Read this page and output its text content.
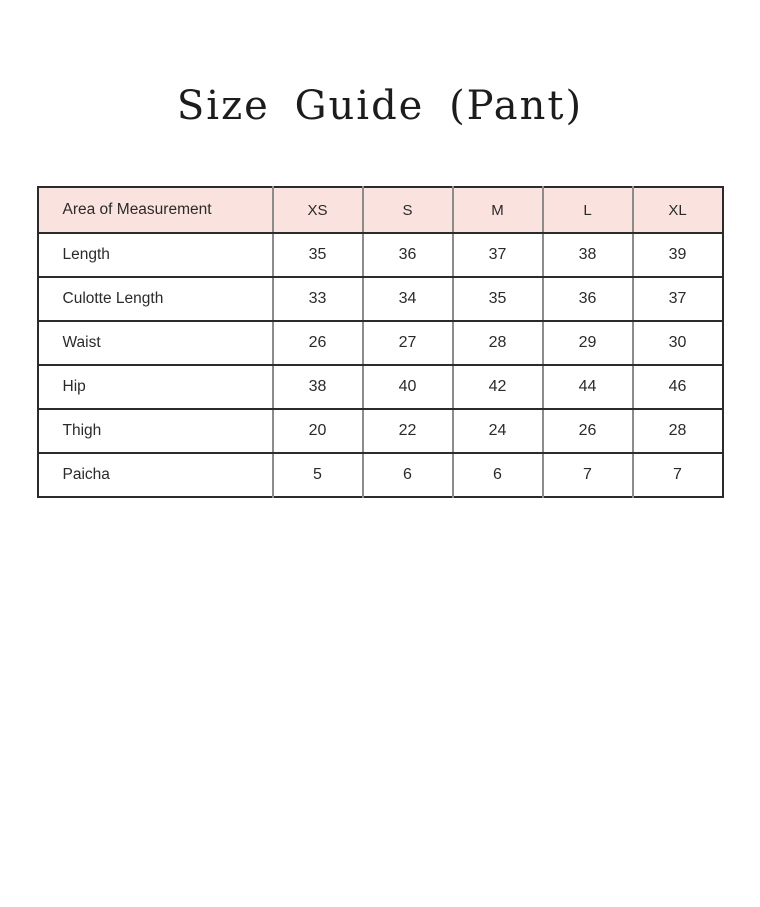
Size Guide (Pant)
Area of Measurement	XS	S	M	L	XL
Length	35	36	37	38	39
Culotte Length	33	34	35	36	37
Waist	26	27	28	29	30
Hip	38	40	42	44	46
Thigh	20	22	24	26	28
Paicha	5	6	6	7	7
